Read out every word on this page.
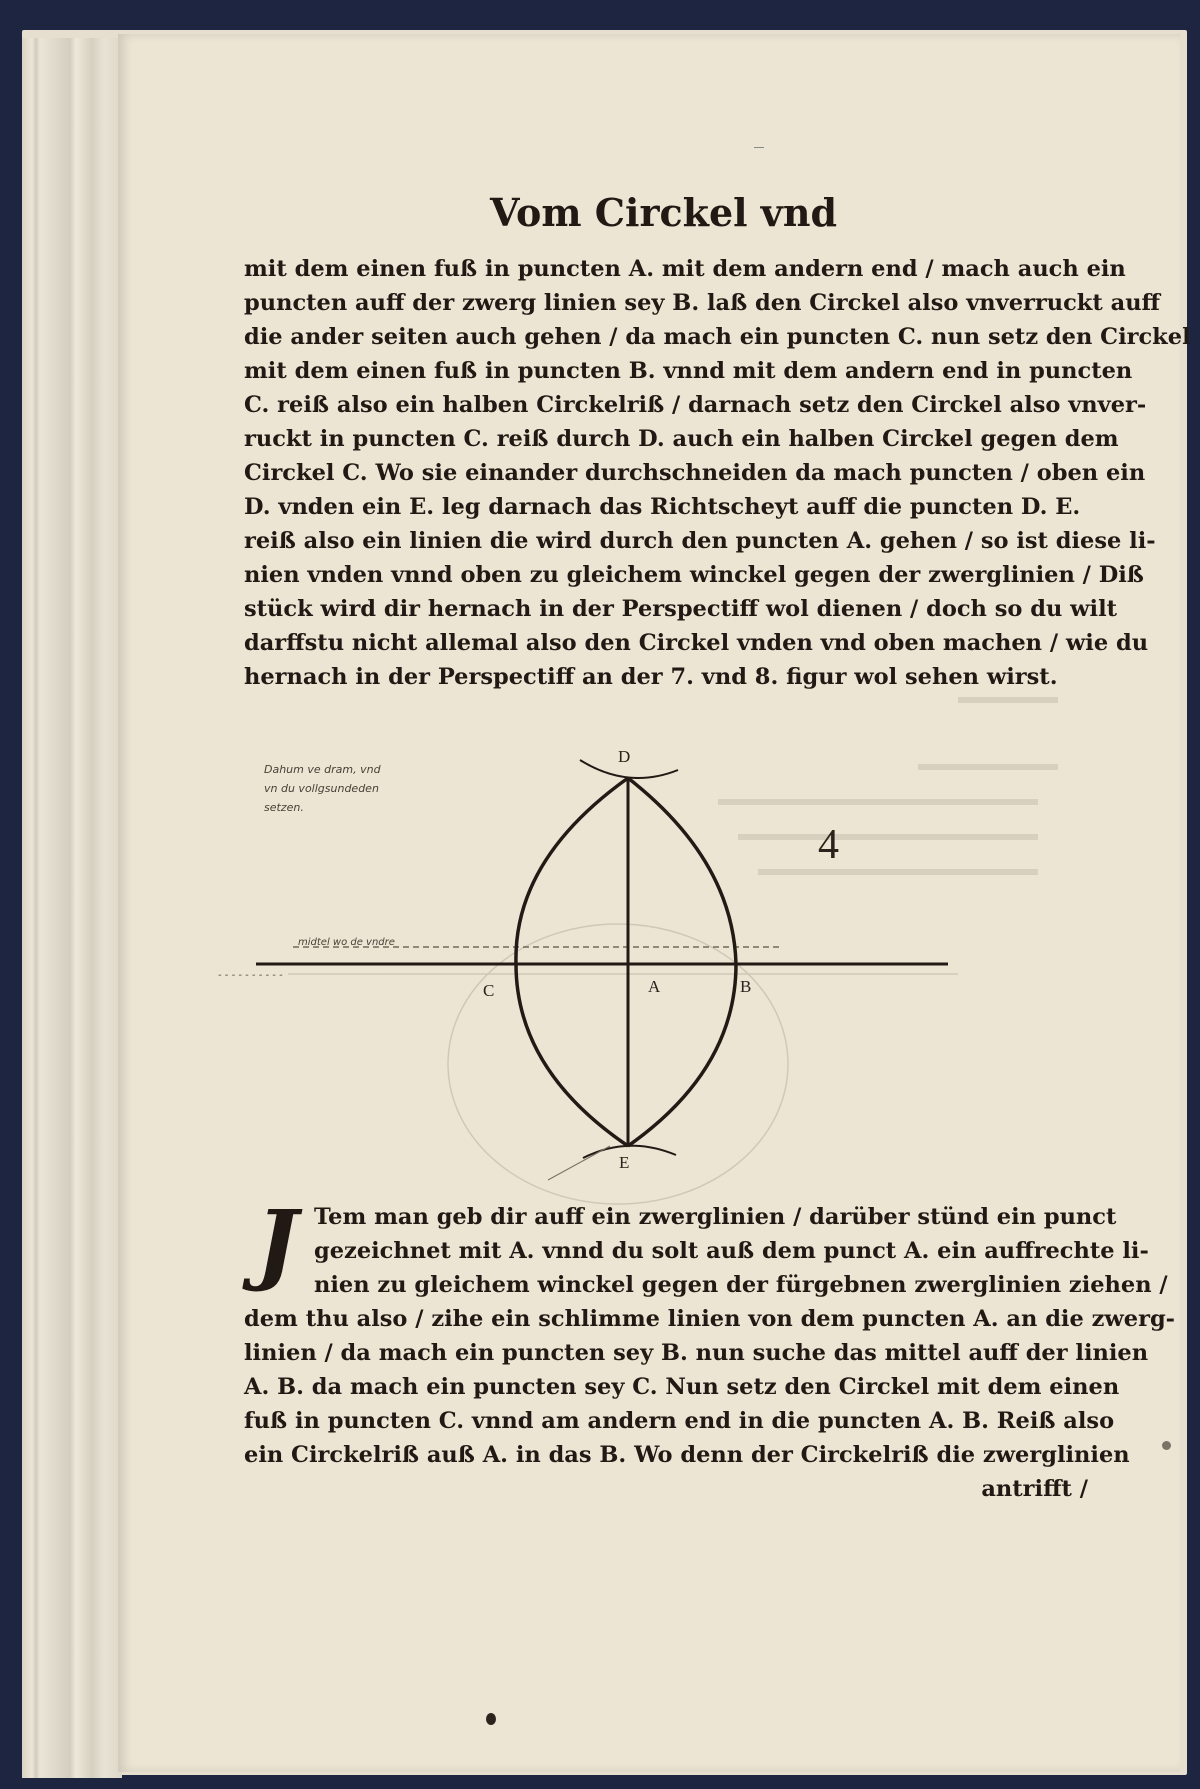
Vom Circkel vnd
mit dem einen fuß in puncten A. mit dem andern end / mach auch ein
puncten auff der zwerg linien sey B. laß den Circkel also vnverruckt auff
die ander seiten auch gehen / da mach ein puncten C. nun setz den Circkel
mit dem einen fuß in puncten B. vnnd mit dem andern end in puncten
C. reiß also ein halben Circkelriß / darnach setz den Circkel also vnver-
ruckt in puncten C. reiß durch D. auch ein halben Circkel gegen dem
Circkel C. Wo sie einander durchschneiden da mach puncten / oben ein
D. vnden ein E. leg darnach das Richtscheyt auff die puncten D. E.
reiß also ein linien die wird durch den puncten A. gehen / so ist diese li-
nien vnden vnnd oben zu gleichem winckel gegen der zwerglinien / Diß
stück wird dir hernach in der Perspectiff wol dienen / doch so du wilt
darffstu nicht allemal also den Circkel vnden vnd oben machen / wie du
hernach in der Perspectiff an der 7. vnd 8. figur wol sehen wirst.
D
A	B
C
E
4
midtel wo de vndre
- - - - - - - - - -
Dahum ve dram, vnd
vn du vollgsundeden
setzen.
J Tem man geb dir auff ein zwerglinien / darüber stünd ein punct
gezeichnet mit A. vnnd du solt auß dem punct A. ein auffrechte li-
nien zu gleichem winckel gegen der fürgebnen zwerglinien ziehen /
dem thu also / zihe ein schlimme linien von dem puncten A. an die zwerg-
linien / da mach ein puncten sey B. nun suche das mittel auff der linien
A. B. da mach ein puncten sey C. Nun setz den Circkel mit dem einen
fuß in puncten C. vnnd am andern end in die puncten A. B. Reiß also
ein Circkelriß auß A. in das B. Wo denn der Circkelriß die zwerglinien
antrifft /
